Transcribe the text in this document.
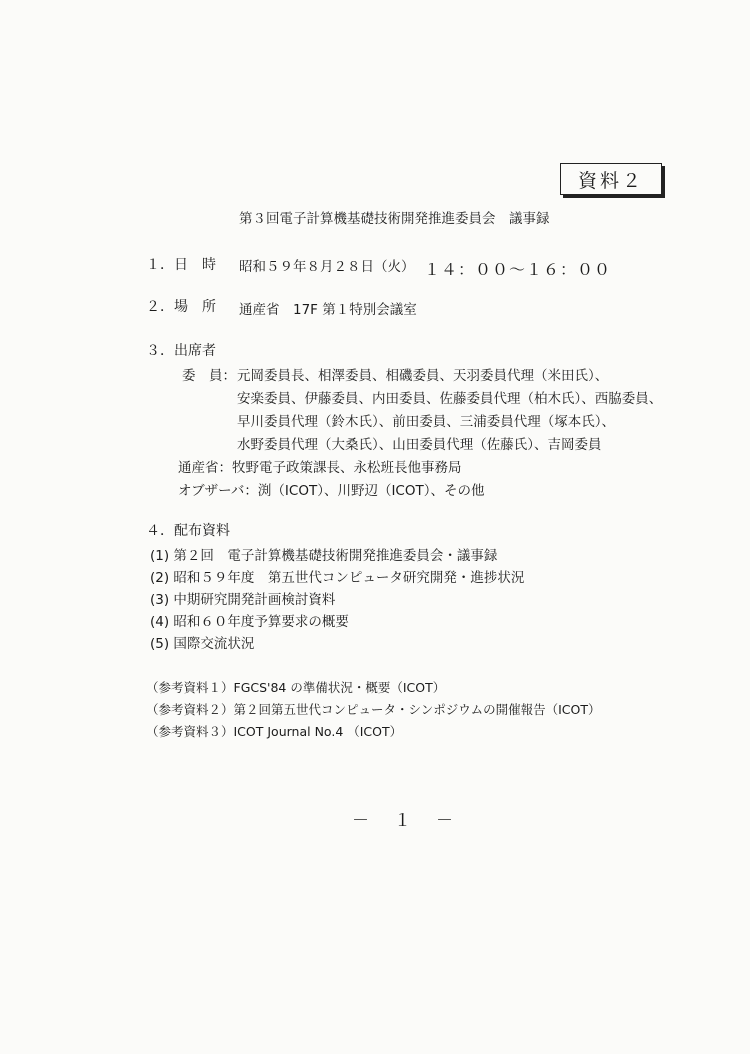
資料２
第３回電子計算機基礎技術開発推進委員会　議事録
１．日　時 昭和５９年８月２８日（火） １４：００〜１６：００
２．場　所 通産省　17F 第１特別会議室
３．出席者
委　員： 元岡委員長、相澤委員、相磯委員、天羽委員代理（米田氏）、
安楽委員、伊藤委員、内田委員、佐藤委員代理（柏木氏）、西脇委員、
早川委員代理（鈴木氏）、前田委員、三浦委員代理（塚本氏）、
水野委員代理（大桑氏）、山田委員代理（佐藤氏）、吉岡委員
通産省：牧野電子政策課長、永松班長他事務局
オブザーバ：渕（ICOT）、川野辺（ICOT）、その他
４．配布資料
(1) 第２回　電子計算機基礎技術開発推進委員会・議事録
(2) 昭和５９年度　第五世代コンピュータ研究開発・進捗状況
(3) 中期研究開発計画検討資料
(4) 昭和６０年度予算要求の概要
(5) 国際交流状況
（参考資料１）FGCS'84 の準備状況・概要（ICOT）
（参考資料２）第２回第五世代コンピュータ・シンポジウムの開催報告（ICOT）
（参考資料３）ICOT Journal No.4 （ICOT）
－　１　－
